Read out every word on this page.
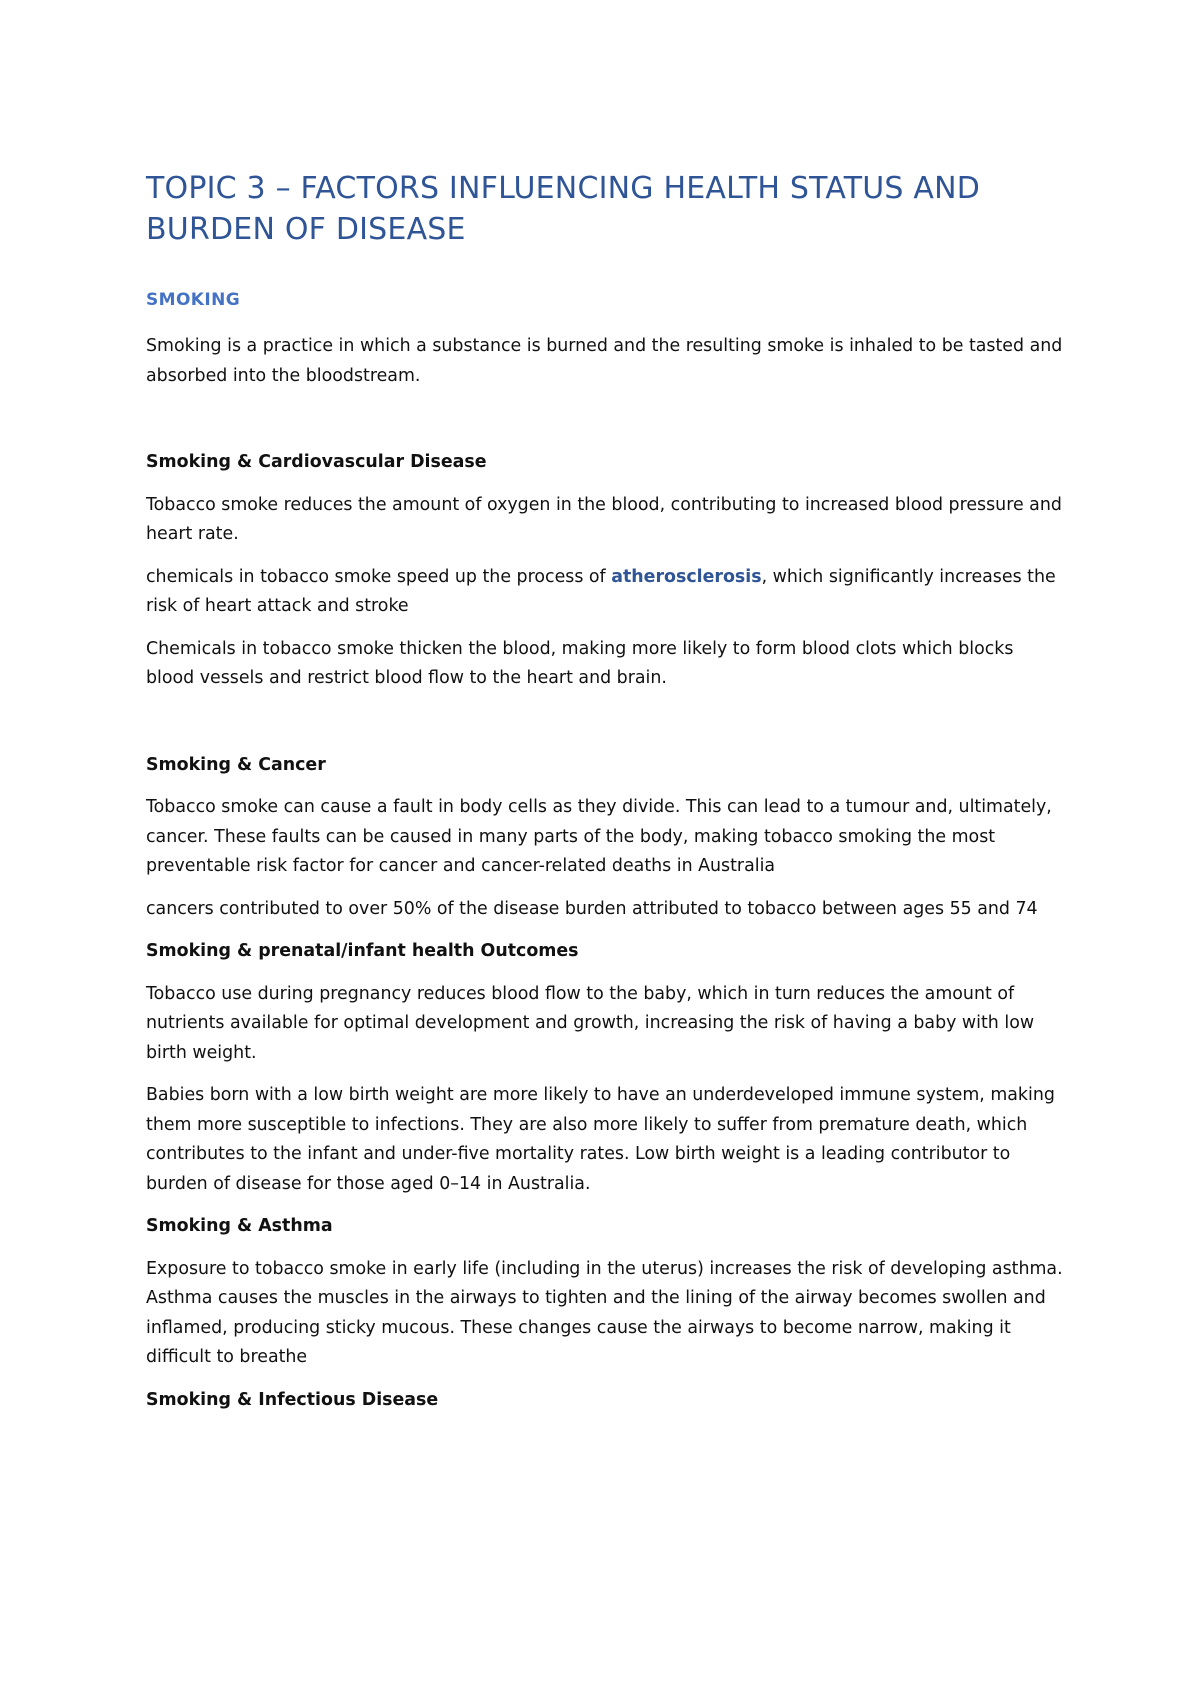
TOPIC 3 – FACTORS INFLUENCING HEALTH STATUS AND BURDEN OF DISEASE
SMOKING

Smoking is a practice in which a substance is burned and the resulting smoke is inhaled to be tasted and absorbed into the bloodstream.

Smoking & Cardiovascular Disease

Tobacco smoke reduces the amount of oxygen in the blood, contributing to increased blood pressure and heart rate.

chemicals in tobacco smoke speed up the process of atherosclerosis, which significantly increases the risk of heart attack and stroke

Chemicals in tobacco smoke thicken the blood, making more likely to form blood clots which blocks blood vessels and restrict blood flow to the heart and brain.

Smoking & Cancer

Tobacco smoke can cause a fault in body cells as they divide. This can lead to a tumour and, ultimately, cancer. These faults can be caused in many parts of the body, making tobacco smoking the most preventable risk factor for cancer and cancer-related deaths in Australia

cancers contributed to over 50% of the disease burden attributed to tobacco between ages 55 and 74

Smoking & prenatal/infant health Outcomes

Tobacco use during pregnancy reduces blood flow to the baby, which in turn reduces the amount of nutrients available for optimal development and growth, increasing the risk of having a baby with low birth weight.

Babies born with a low birth weight are more likely to have an underdeveloped immune system, making them more susceptible to infections. They are also more likely to suffer from premature death, which contributes to the infant and under-five mortality rates. Low birth weight is a leading contributor to burden of disease for those aged 0–14 in Australia.

Smoking & Asthma

Exposure to tobacco smoke in early life (including in the uterus) increases the risk of developing asthma. Asthma causes the muscles in the airways to tighten and the lining of the airway becomes swollen and inflamed, producing sticky mucous. These changes cause the airways to become narrow, making it difficult to breathe

Smoking & Infectious Disease
